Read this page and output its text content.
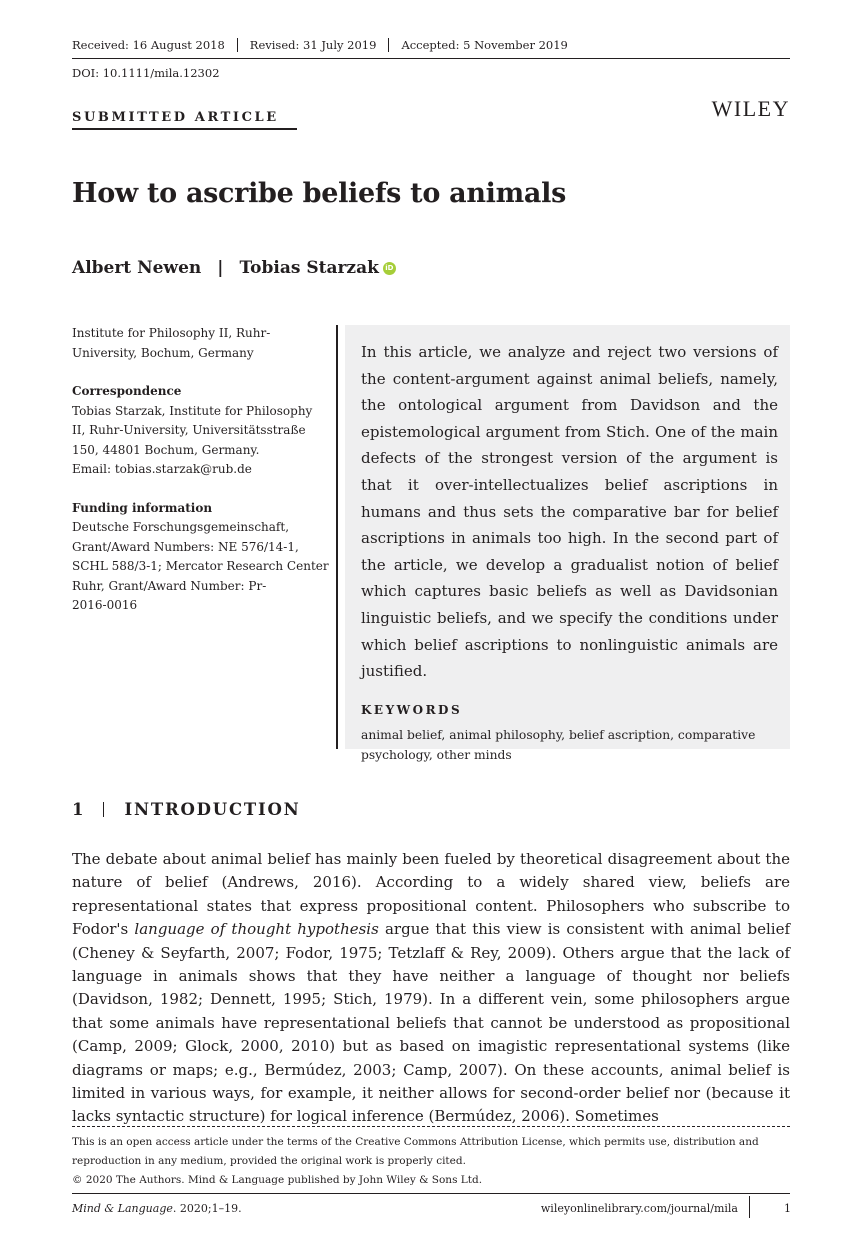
Received: 16 August 2018 Revised: 31 July 2019 Accepted: 5 November 2019
DOI: 10.1111/mila.12302
SUBMITTED ARTICLE	WILEY
How to ascribe beliefs to animals
Albert Newen | Tobias Starzak iD

Institute for Philosophy II, Ruhr-

University, Bochum, Germany

Correspondence

Tobias Starzak, Institute for Philosophy

II, Ruhr-University, Universitätsstraße

150, 44801 Bochum, Germany.

Email: tobias.starzak@rub.de

Funding information

Deutsche Forschungsgemeinschaft,

Grant/Award Numbers: NE 576/14-1,

SCHL 588/3-1; Mercator Research Center

Ruhr, Grant/Award Number: Pr-

2016-0016

In this article, we analyze and reject two versions of the content-argument against animal beliefs, namely, the ontological argument from Davidson and the epistemological argument from Stich. One of the main defects of the strongest version of the argument is that it over-intellectualizes belief ascriptions in humans and thus sets the comparative bar for belief ascriptions in animals too high. In the second part of the article, we develop a gradualist notion of belief which captures basic beliefs as well as Davidsonian linguistic beliefs, and we specify the conditions under which belief ascriptions to nonlinguistic animals are justified.

KEYWORDS
animal belief, animal philosophy, belief ascription, comparative psychology, other minds
1 INTRODUCTION

The debate about animal belief has mainly been fueled by theoretical disagreement about the nature of belief (Andrews, 2016). According to a widely shared view, beliefs are representational states that express propositional content. Philosophers who subscribe to Fodor's language of thought hypothesis argue that this view is consistent with animal belief (Cheney & Seyfarth, 2007; Fodor, 1975; Tetzlaff & Rey, 2009). Others argue that the lack of language in animals shows that they have neither a language of thought nor beliefs (Davidson, 1982; Dennett, 1995; Stich, 1979). In a different vein, some philosophers argue that some animals have representational beliefs that cannot be understood as propositional (Camp, 2009; Glock, 2000, 2010) but as based on imagistic representational systems (like diagrams or maps; e.g., Bermúdez, 2003; Camp, 2007). On these accounts, animal belief is limited in various ways, for example, it neither allows for second-order belief nor (because it lacks syntactic structure) for logical inference (Bermúdez, 2006). Sometimes

This is an open access article under the terms of the Creative Commons Attribution License, which permits use, distribution and

reproduction in any medium, provided the original work is properly cited.

© 2020 The Authors. Mind & Language published by John Wiley & Sons Ltd.

Mind & Language. 2020;1–19.	wileyonlinelibrary.com/journal/mila	1
